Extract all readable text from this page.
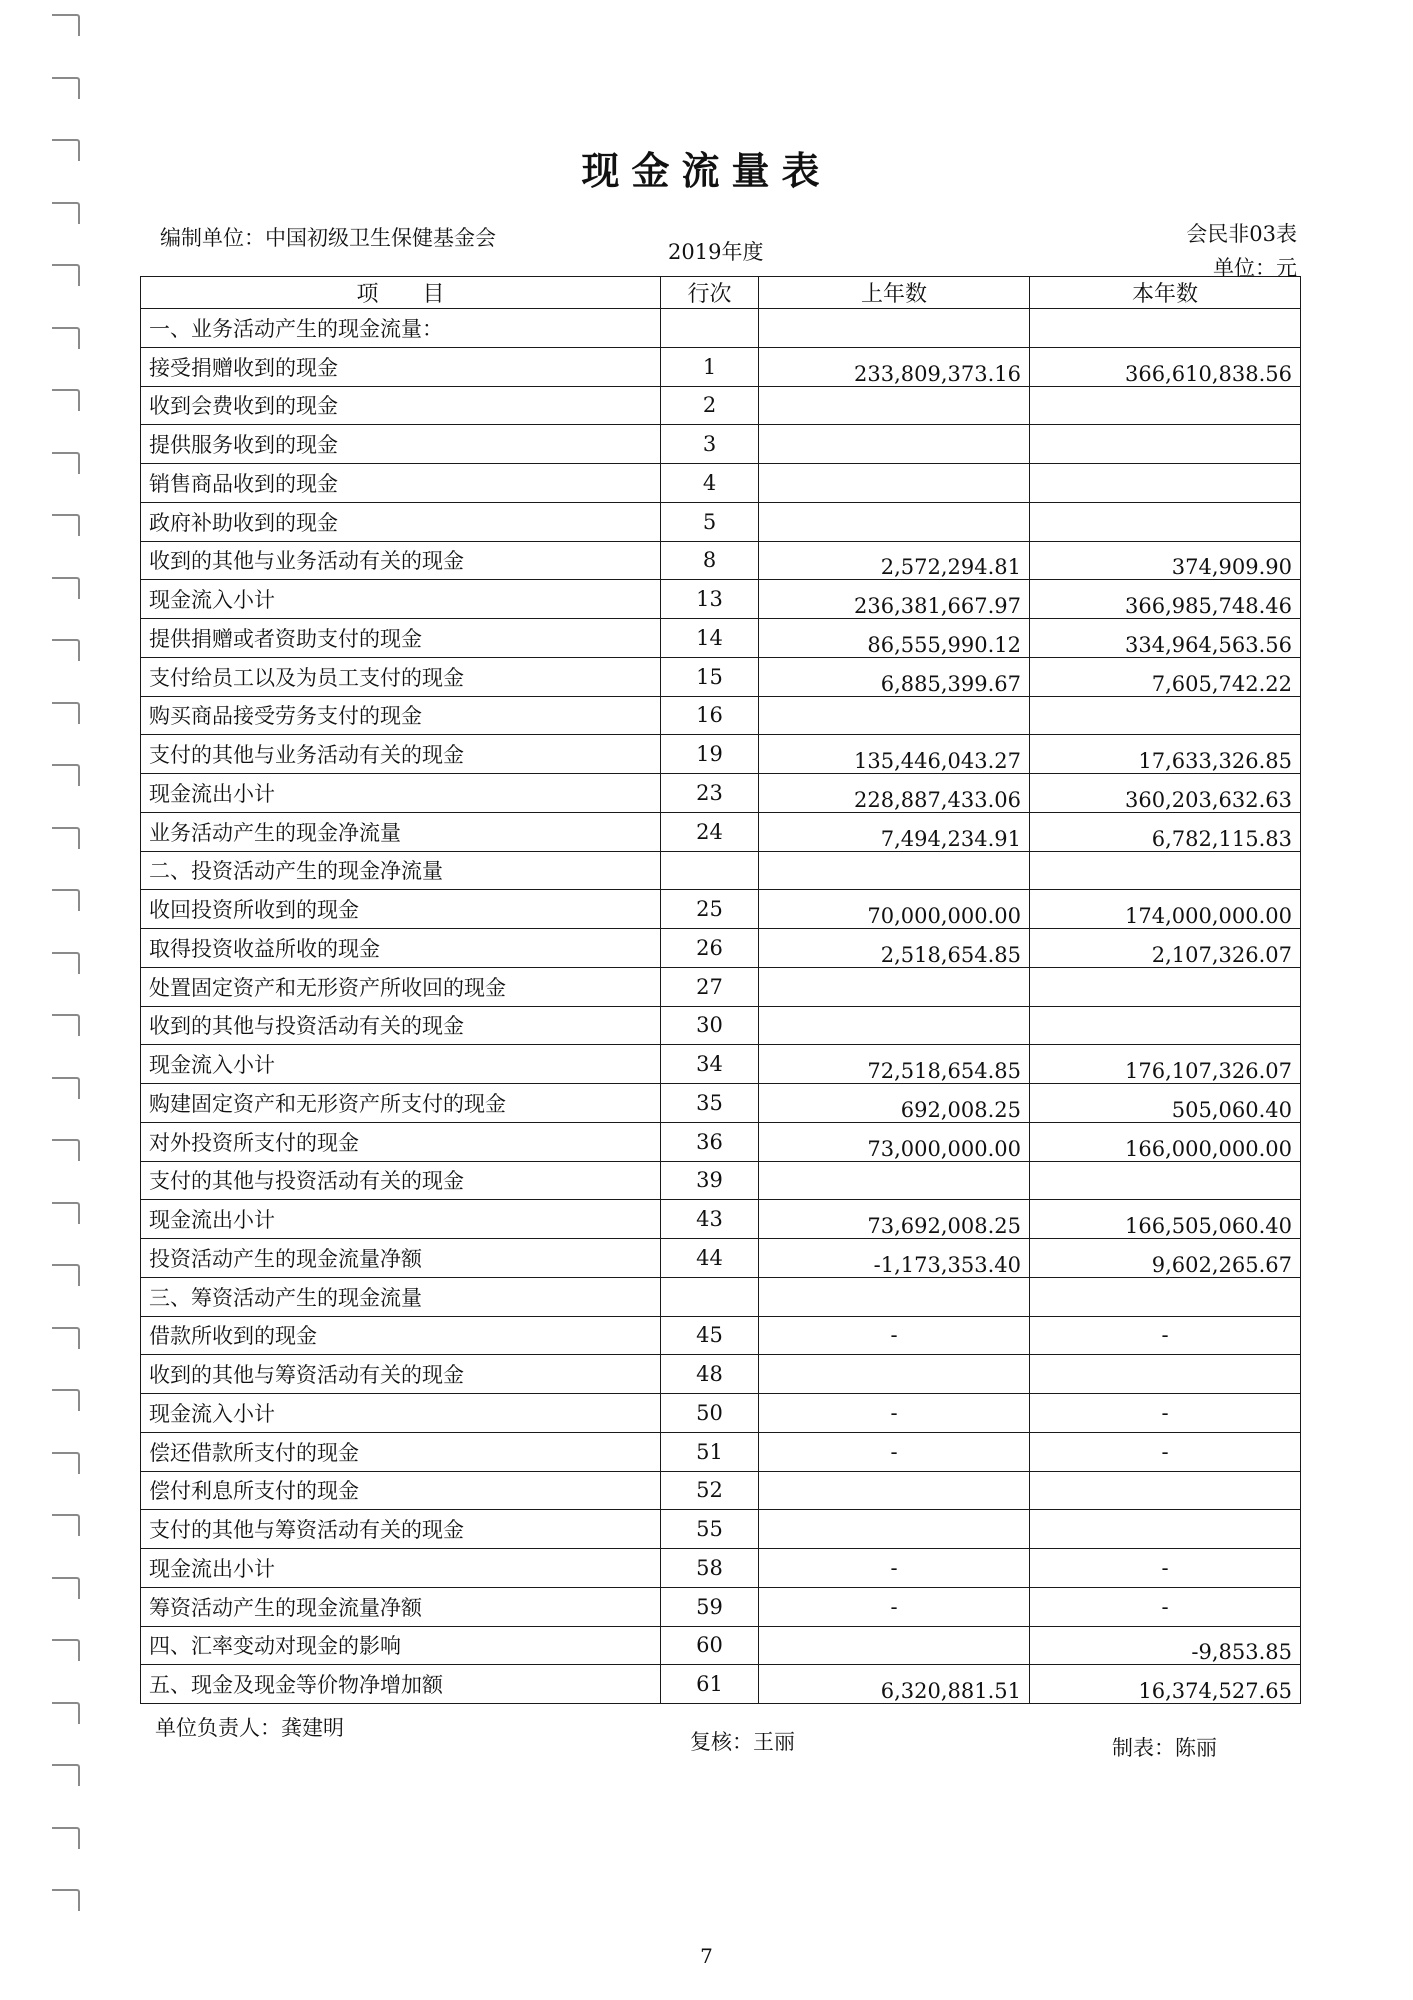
现金流量表
编制单位：中国初级卫生保健基金会
2019年度
会民非03表
单位：元
项　　目	行次	上年数	本年数
一、业务活动产生的现金流量：			
接受捐赠收到的现金	1	233,809,373.16	366,610,838.56
收到会费收到的现金	2		
提供服务收到的现金	3		
销售商品收到的现金	4		
政府补助收到的现金	5		
收到的其他与业务活动有关的现金	8	2,572,294.81	374,909.90
现金流入小计	13	236,381,667.97	366,985,748.46
提供捐赠或者资助支付的现金	14	86,555,990.12	334,964,563.56
支付给员工以及为员工支付的现金	15	6,885,399.67	7,605,742.22
购买商品接受劳务支付的现金	16		
支付的其他与业务活动有关的现金	19	135,446,043.27	17,633,326.85
现金流出小计	23	228,887,433.06	360,203,632.63
业务活动产生的现金净流量	24	7,494,234.91	6,782,115.83
二、投资活动产生的现金净流量			
收回投资所收到的现金	25	70,000,000.00	174,000,000.00
取得投资收益所收的现金	26	2,518,654.85	2,107,326.07
处置固定资产和无形资产所收回的现金	27		
收到的其他与投资活动有关的现金	30		
现金流入小计	34	72,518,654.85	176,107,326.07
购建固定资产和无形资产所支付的现金	35	692,008.25	505,060.40
对外投资所支付的现金	36	73,000,000.00	166,000,000.00
支付的其他与投资活动有关的现金	39		
现金流出小计	43	73,692,008.25	166,505,060.40
投资活动产生的现金流量净额	44	-1,173,353.40	9,602,265.67
三、筹资活动产生的现金流量			
借款所收到的现金	45	-	-
收到的其他与筹资活动有关的现金	48		
现金流入小计	50	-	-
偿还借款所支付的现金	51	-	-
偿付利息所支付的现金	52		
支付的其他与筹资活动有关的现金	55		
现金流出小计	58	-	-
筹资活动产生的现金流量净额	59	-	-
四、汇率变动对现金的影响	60		-9,853.85
五、现金及现金等价物净增加额	61	6,320,881.51	16,374,527.65
单位负责人：龚建明
复核：王丽	制表：陈丽
7
